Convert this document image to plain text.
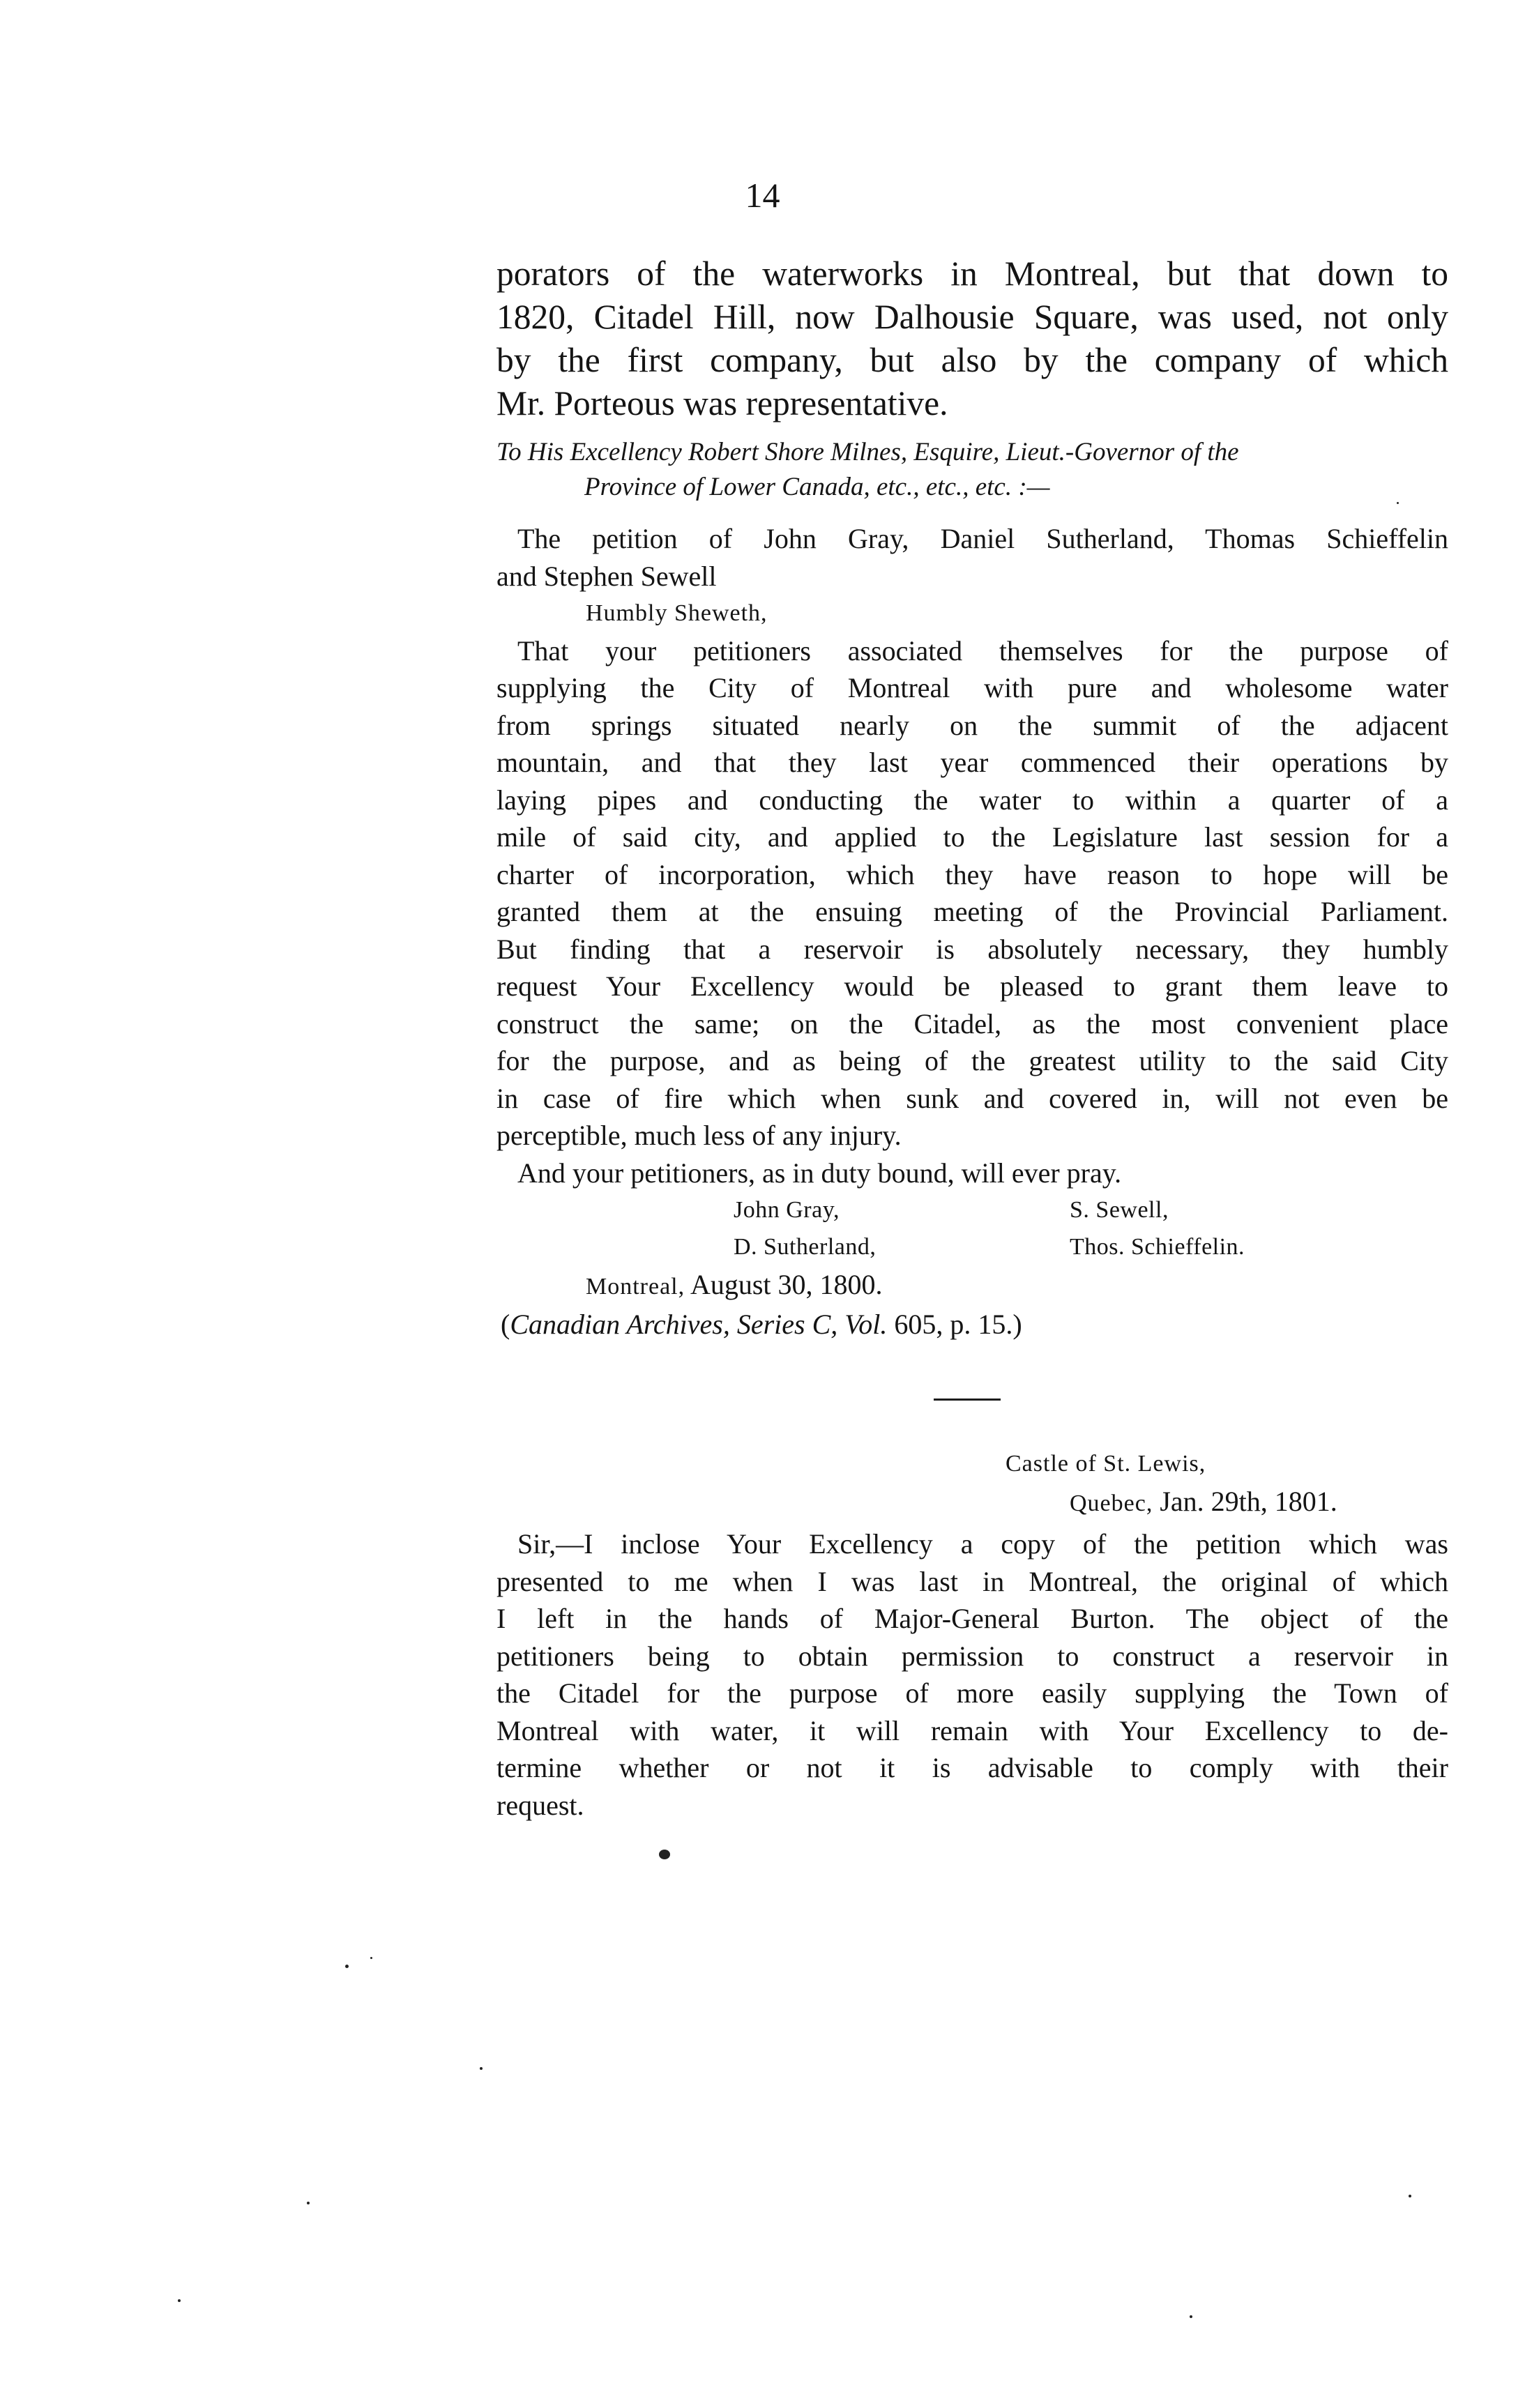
14

porators of the waterworks in Montreal, but that down to
1820, Citadel Hill, now Dalhousie Square, was used, not only
by the first company, but also by the company of which
Mr. Porteous was representative.

To His Excellency Robert Shore Milnes, Esquire, Lieut.-Governor of the
Province of Lower Canada, etc., etc., etc. :—

The petition of John Gray, Daniel Sutherland, Thomas Schieffelin
and Stephen Sewell

Humbly Sheweth,

That your petitioners associated themselves for the purpose of
supplying the City of Montreal with pure and wholesome water
from springs situated nearly on the summit of the adjacent
mountain, and that they last year commenced their operations by
laying pipes and conducting the water to within a quarter of a
mile of said city, and applied to the Legislature last session for a
charter of incorporation, which they have reason to hope will be
granted them at the ensuing meeting of the Provincial Parliament.
But finding that a reservoir is absolutely necessary, they humbly
request Your Excellency would be pleased to grant them leave to
construct the same; on the Citadel, as the most convenient place
for the purpose, and as being of the greatest utility to the said City
in case of fire which when sunk and covered in, will not even be
perceptible, much less of any injury.

And your petitioners, as in duty bound, will ever pray.

John Gray,	S. Sewell,
D. Sutherland,	Thos. Schieffelin.

Montreal, August 30, 1800.

(Canadian Archives, Series C, Vol. 605, p. 15.)

Castle of St. Lewis,
Quebec, Jan. 29th, 1801.

Sir,—I inclose Your Excellency a copy of the petition which was
presented to me when I was last in Montreal, the original of which
I left in the hands of Major-General Burton. The object of the
petitioners being to obtain permission to construct a reservoir in
the Citadel for the purpose of more easily supplying the Town of
Montreal with water, it will remain with Your Excellency to de-
termine whether or not it is advisable to comply with their
request.
